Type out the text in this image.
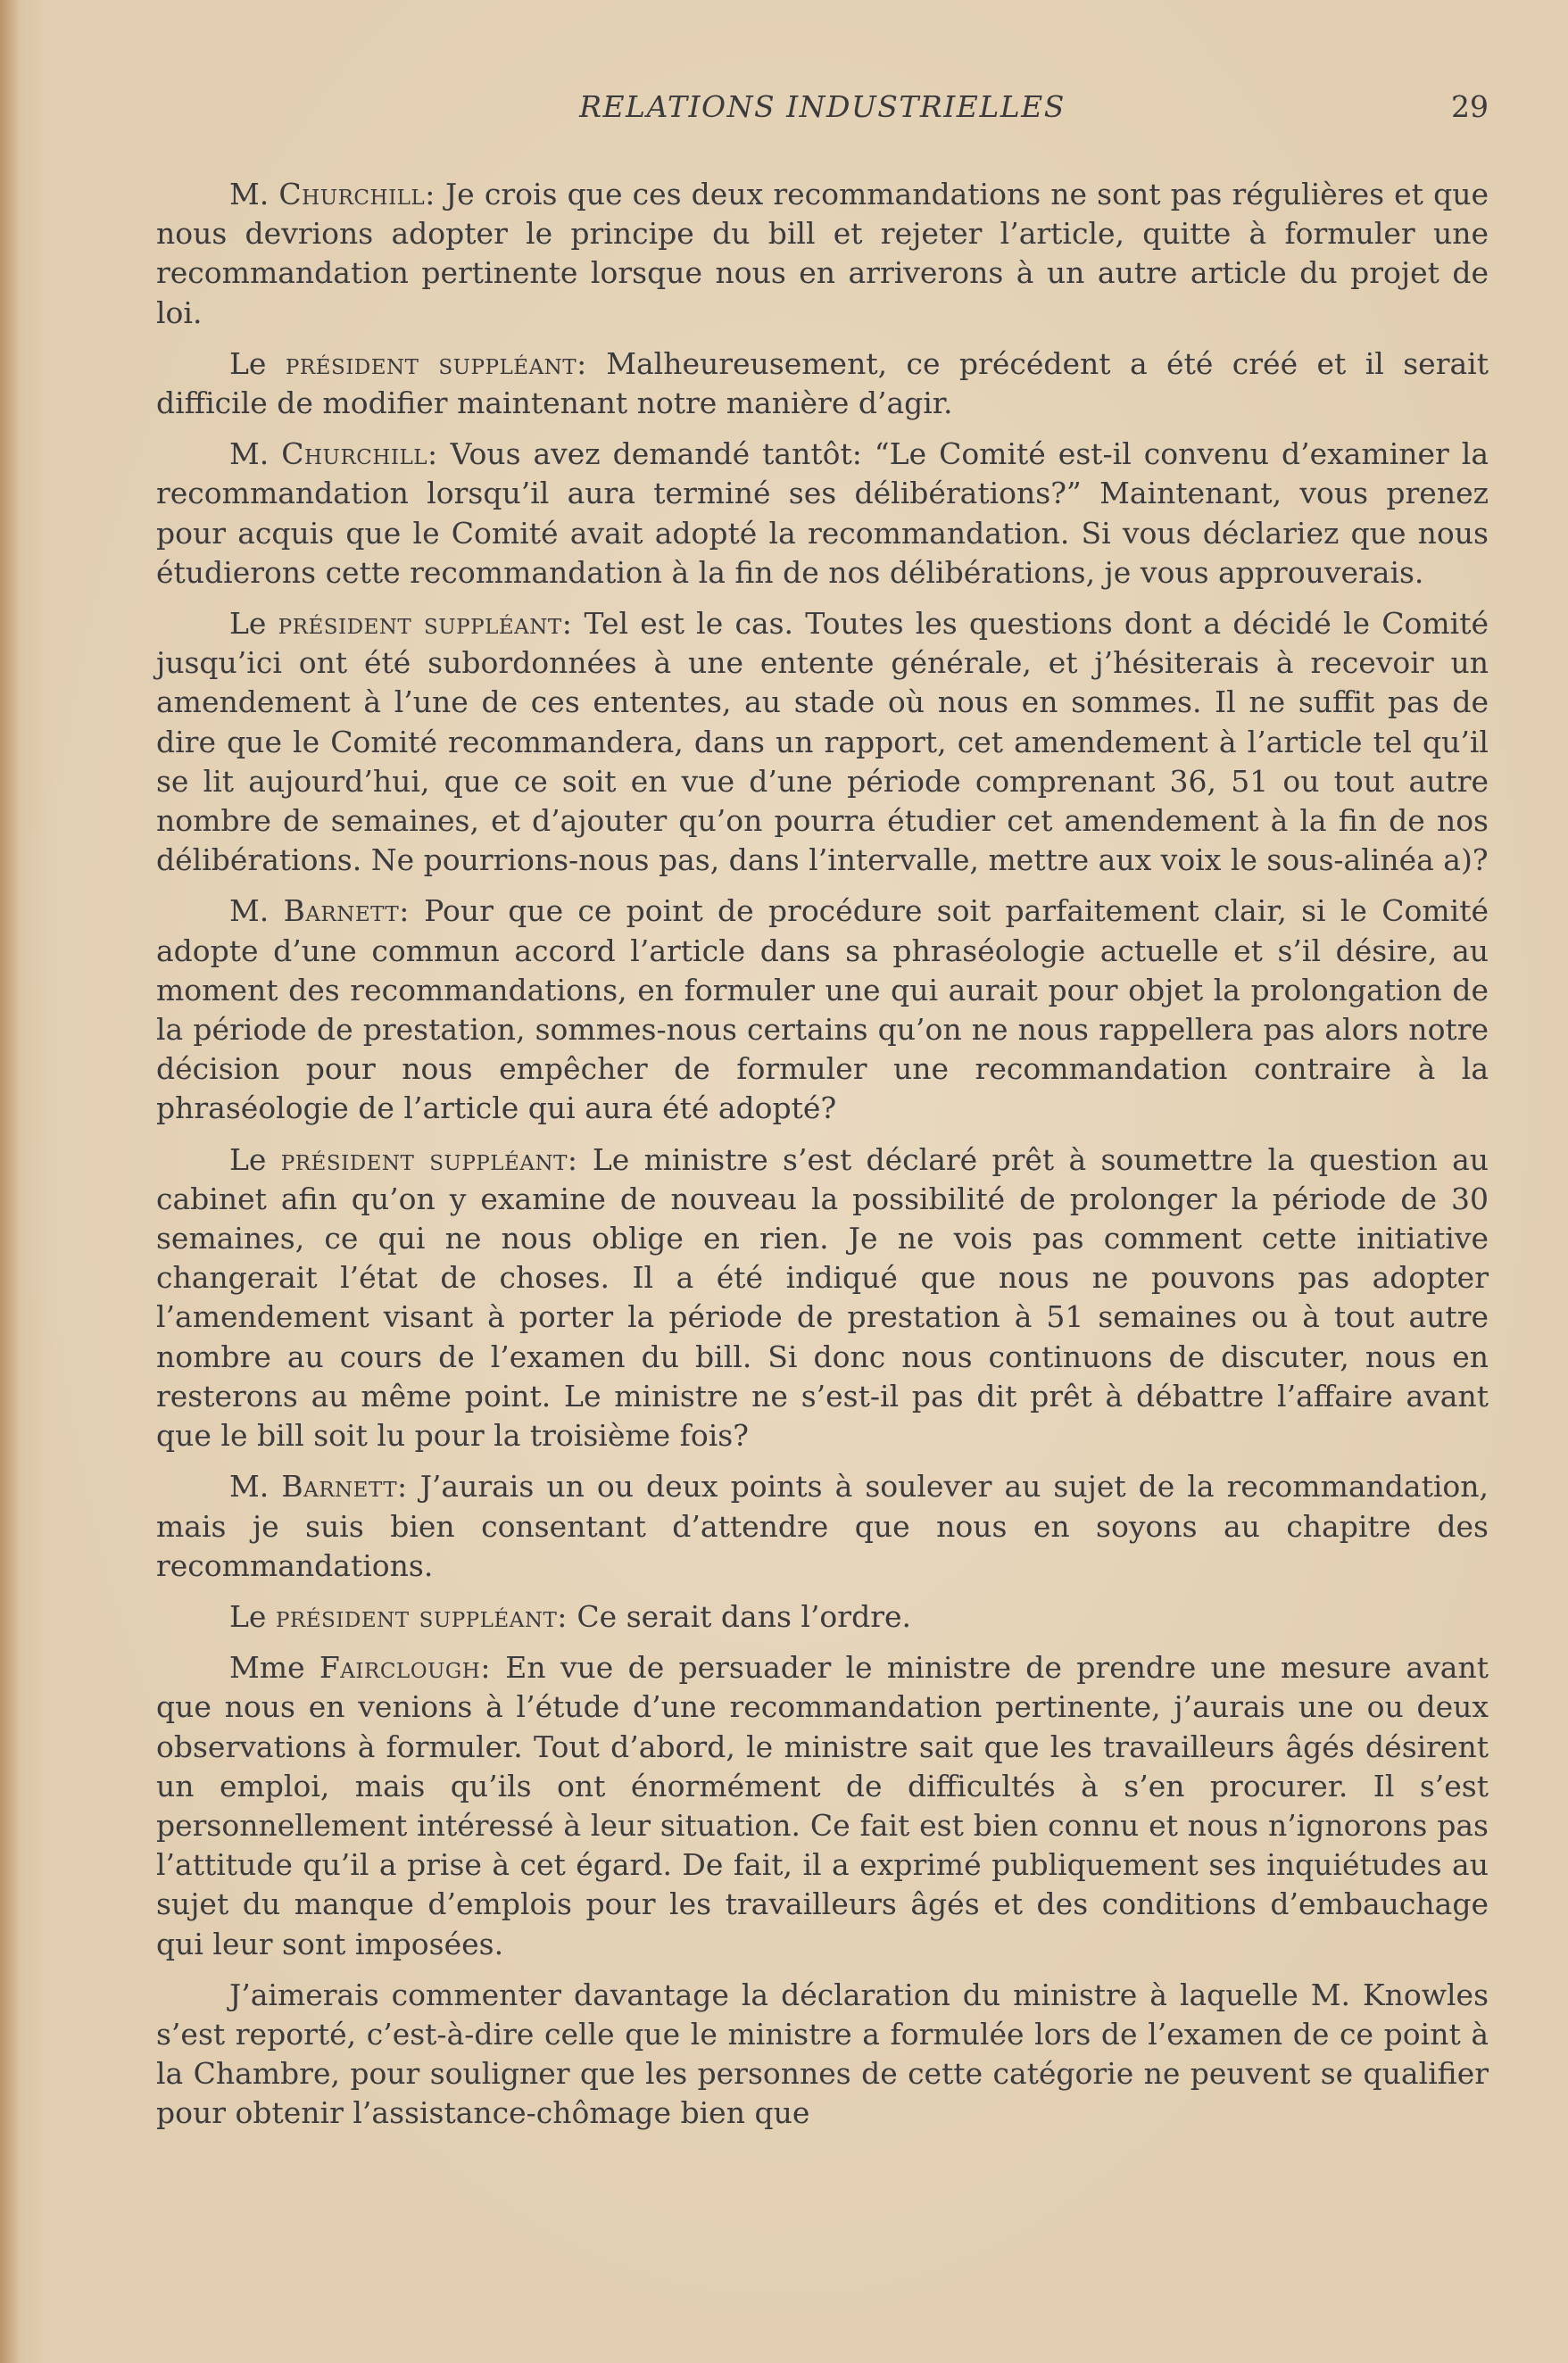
RELATIONS INDUSTRIELLES	29

M. Churchill: Je crois que ces deux recommandations ne sont pas régulières et que nous devrions adopter le principe du bill et rejeter l’article, quitte à formuler une recommandation pertinente lorsque nous en arriverons à un autre article du projet de loi.

Le président suppléant: Malheureusement, ce précédent a été créé et il serait difficile de modifier maintenant notre manière d’agir.

M. Churchill: Vous avez demandé tantôt: “Le Comité est-il convenu d’examiner la recommandation lorsqu’il aura terminé ses délibérations?” Maintenant, vous prenez pour acquis que le Comité avait adopté la recommandation. Si vous déclariez que nous étudierons cette recommandation à la fin de nos délibérations, je vous approuverais.

Le président suppléant: Tel est le cas. Toutes les questions dont a décidé le Comité jusqu’ici ont été subordonnées à une entente générale, et j’hésiterais à recevoir un amendement à l’une de ces ententes, au stade où nous en sommes. Il ne suffit pas de dire que le Comité recommandera, dans un rapport, cet amendement à l’article tel qu’il se lit aujourd’hui, que ce soit en vue d’une période comprenant 36, 51 ou tout autre nombre de semaines, et d’ajouter qu’on pourra étudier cet amendement à la fin de nos délibérations. Ne pourrions-nous pas, dans l’intervalle, mettre aux voix le sous-alinéa a)?

M. Barnett: Pour que ce point de procédure soit parfaitement clair, si le Comité adopte d’une commun accord l’article dans sa phraséologie actuelle et s’il désire, au moment des recommandations, en formuler une qui aurait pour objet la prolongation de la période de prestation, sommes-nous certains qu’on ne nous rappellera pas alors notre décision pour nous empêcher de formuler une recommandation contraire à la phraséologie de l’article qui aura été adopté?

Le président suppléant: Le ministre s’est déclaré prêt à soumettre la question au cabinet afin qu’on y examine de nouveau la possibilité de prolonger la période de 30 semaines, ce qui ne nous oblige en rien. Je ne vois pas comment cette initiative changerait l’état de choses. Il a été indiqué que nous ne pouvons pas adopter l’amendement visant à porter la période de prestation à 51 semaines ou à tout autre nombre au cours de l’examen du bill. Si donc nous continuons de discuter, nous en resterons au même point. Le ministre ne s’est-il pas dit prêt à débattre l’affaire avant que le bill soit lu pour la troisième fois?

M. Barnett: J’aurais un ou deux points à soulever au sujet de la recommandation, mais je suis bien consentant d’attendre que nous en soyons au chapitre des recommandations.

Le président suppléant: Ce serait dans l’ordre.

Mme Fairclough: En vue de persuader le ministre de prendre une mesure avant que nous en venions à l’étude d’une recommandation pertinente, j’aurais une ou deux observations à formuler. Tout d’abord, le ministre sait que les travailleurs âgés désirent un emploi, mais qu’ils ont énormément de difficultés à s’en procurer. Il s’est personnellement intéressé à leur situation. Ce fait est bien connu et nous n’ignorons pas l’attitude qu’il a prise à cet égard. De fait, il a exprimé publiquement ses inquiétudes au sujet du manque d’emplois pour les travailleurs âgés et des conditions d’embauchage qui leur sont imposées.

J’aimerais commenter davantage la déclaration du ministre à laquelle M. Knowles s’est reporté, c’est-à-dire celle que le ministre a formulée lors de l’examen de ce point à la Chambre, pour souligner que les personnes de cette catégorie ne peuvent se qualifier pour obtenir l’assistance-chômage bien que
